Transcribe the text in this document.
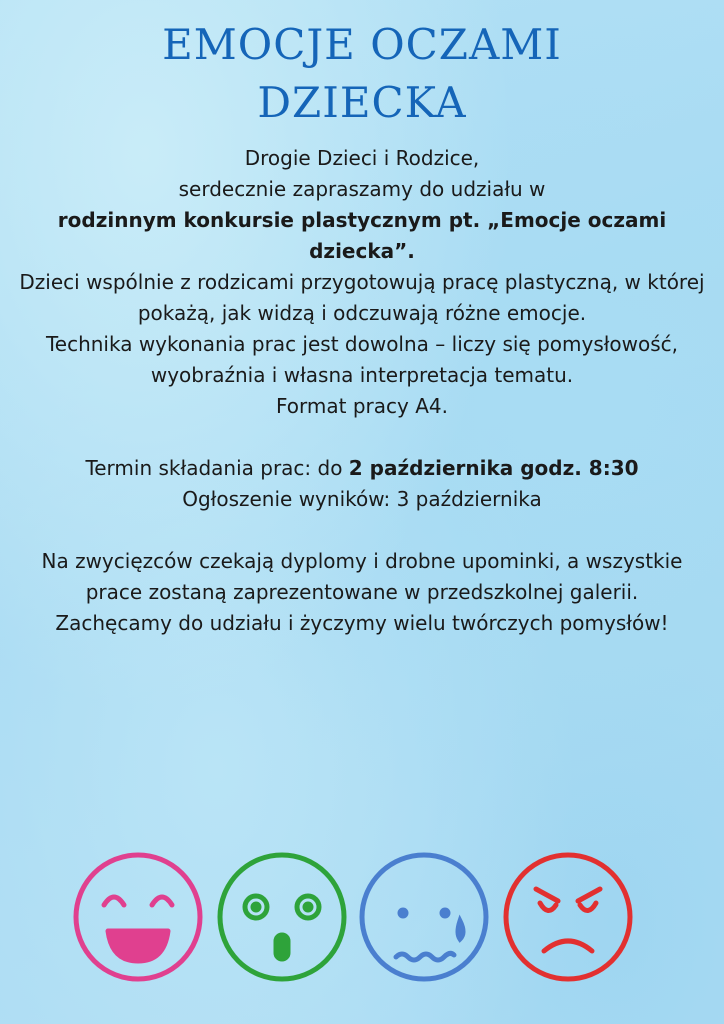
EMOCJE OCZAMI
DZIECKA

Drogie Dzieci i Rodzice,

serdecznie zapraszamy do udziału w

rodzinnym konkursie plastycznym pt. „Emocje oczami dziecka”.

Dzieci wspólnie z rodzicami przygotowują pracę plastyczną, w której pokażą, jak widzą i odczuwają różne emocje.

Technika wykonania prac jest dowolna – liczy się pomysłowość, wyobraźnia i własna interpretacja tematu.

Format pracy A4.

Termin składania prac: do 2 października godz. 8:30

Ogłoszenie wyników: 3 października

Na zwycięzców czekają dyplomy i drobne upominki, a wszystkie prace zostaną zaprezentowane w przedszkolnej galerii.

Zachęcamy do udziału i życzymy wielu twórczych pomysłów!
